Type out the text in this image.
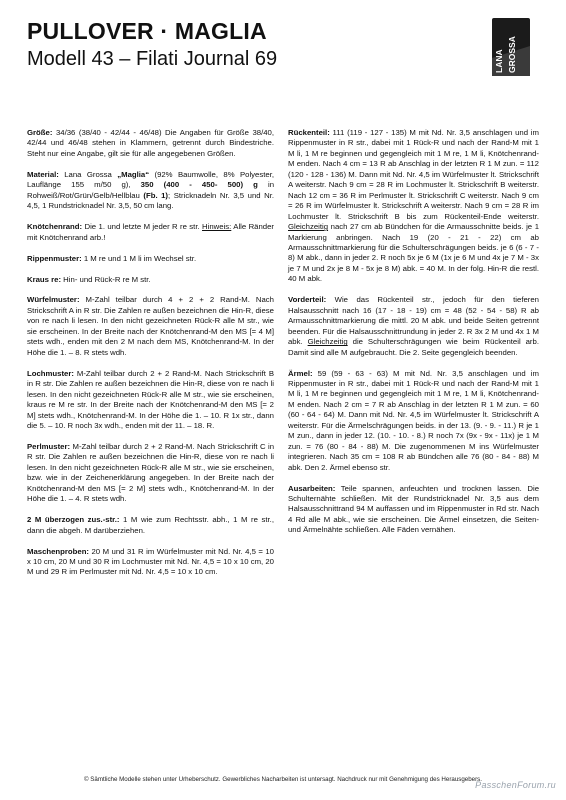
PULLOVER · MAGLIA
Modell 43 – Filati Journal 69	LANA GROSSA

Größe: 34/36 (38/40 - 42/44 - 46/48) Die Angaben für Größe 38/40, 42/44 und 46/48 stehen in Klammern, getrennt durch Bindestriche. Steht nur eine Angabe, gilt sie für alle angegebenen Größen.

Material: Lana Grossa „Maglia“ (92% Baumwolle, 8% Polyester, Lauflänge 155 m/50 g), 350 (400 - 450- 500) g in Rohweiß/Rot/Grün/Gelb/Hellblau (Fb. 1); Stricknadeln Nr. 3,5 und Nr. 4,5, 1 Rundstricknadel Nr. 3,5, 50 cm lang.

Knötchenrand: Die 1. und letzte M jeder R re str. Hinweis: Alle Ränder mit Knötchenrand arb.!

Rippenmuster: 1 M re und 1 M li im Wechsel str.

Kraus re: Hin- und Rück-R re M str.

Würfelmuster: M-Zahl teilbar durch 4 + 2 + 2 Rand-M. Nach Strickschrift A in R str. Die Zahlen re außen bezeichnen die Hin-R, diese von re nach li lesen. In den nicht gezeichneten Rück-R alle M str., wie sie erscheinen. In der Breite nach der Knötchenrand-M den MS [= 4 M] stets wdh., enden mit den 2 M nach dem MS, Knötchenrand-M. In der Höhe die 1. – 8. R stets wdh.

Lochmuster: M-Zahl teilbar durch 2 + 2 Rand-M. Nach Strickschrift B in R str. Die Zahlen re außen bezeichnen die Hin-R, diese von re nach li lesen. In den nicht gezeichneten Rück-R alle M str., wie sie erscheinen, kraus re M re str. In der Breite nach der Knötchenrand-M den MS [= 2 M] stets wdh., Knötchenrand-M. In der Höhe die 1. – 10. R 1x str., dann die 5. – 10. R noch 3x wdh., enden mit der 11. – 18. R.

Perlmuster: M-Zahl teilbar durch 2 + 2 Rand-M. Nach Strickschrift C in R str. Die Zahlen re außen bezeichnen die Hin-R, diese von re nach li lesen. In den nicht gezeichneten Rück-R alle M str., wie sie erscheinen, bzw. wie in der Zeichenerklärung angegeben. In der Breite nach der Knötchenrand-M den MS [= 2 M] stets wdh., Knötchenrand-M. In der Höhe die 1. – 4. R stets wdh.

2 M überzogen zus.-str.: 1 M wie zum Rechtsstr. abh., 1 M re str., dann die abgeh. M darüberziehen.

Maschenproben: 20 M und 31 R im Würfelmuster mit Nd. Nr. 4,5 = 10 x 10 cm, 20 M und 30 R im Lochmuster mit Nd. Nr. 4,5 = 10 x 10 cm, 20 M und 29 R im Perlmuster mit Nd. Nr. 4,5 = 10 x 10 cm.

Rückenteil: 111 (119 - 127 - 135) M mit Nd. Nr. 3,5 anschlagen und im Rippenmuster in R str., dabei mit 1 Rück-R und nach der Rand-M mit 1 M li, 1 M re beginnen und gegengleich mit 1 M re, 1 M li, Knötchenrand-M enden. Nach 4 cm = 13 R ab Anschlag in der letzten R 1 M zun. = 112 (120 - 128 - 136) M. Dann mit Nd. Nr. 4,5 im Würfelmuster lt. Strickschrift A weiterstr. Nach 9 cm = 28 R im Lochmuster lt. Strickschrift B weiterstr. Nach 12 cm = 36 R im Perlmuster lt. Strickschrift C weiterstr. Nach 9 cm = 26 R im Würfelmuster lt. Strickschrift A weiterstr. Nach 9 cm = 28 R im Lochmuster lt. Strickschrift B bis zum Rückenteil-Ende weiterstr. Gleichzeitig nach 27 cm ab Bündchen für die Armausschnitte beids. je 1 Markierung anbringen. Nach 19 (20 - 21 - 22) cm ab Armausschnittmarkierung für die Schulterschrägungen beids. je 6 (6 - 7 - 8) M abk., dann in jeder 2. R noch 5x je 6 M (1x je 6 M und 4x je 7 M - 3x je 7 M und 2x je 8 M - 5x je 8 M) abk. = 40 M. In der folg. Hin-R die restl. 40 M abk.

Vorderteil: Wie das Rückenteil str., jedoch für den tieferen Halsausschnitt nach 16 (17 - 18 - 19) cm = 48 (52 - 54 - 58) R ab Armausschnittmarkierung die mittl. 20 M abk. und beide Seiten getrennt beenden. Für die Halsausschnittrundung in jeder 2. R 3x 2 M und 4x 1 M abk. Gleichzeitig die Schulterschrägungen wie beim Rückenteil arb. Damit sind alle M aufgebraucht. Die 2. Seite gegengleich beenden.

Ärmel: 59 (59 - 63 - 63) M mit Nd. Nr. 3,5 anschlagen und im Rippenmuster in R str., dabei mit 1 Rück-R und nach der Rand-M mit 1 M li, 1 M re beginnen und gegengleich mit 1 M re, 1 M li, Knötchenrand-M enden. Nach 2 cm = 7 R ab Anschlag in der letzten R 1 M zun. = 60 (60 - 64 - 64) M. Dann mit Nd. Nr. 4,5 im Würfelmuster lt. Strickschrift A weiterstr. Für die Ärmelschrägungen beids. in der 13. (9. - 9. - 11.) R je 1 M zun., dann in jeder 12. (10. - 10. - 8.) R noch 7x (9x - 9x - 11x) je 1 M zun. = 76 (80 - 84 - 88) M. Die zugenommenen M ins Würfelmuster integrieren. Nach 35 cm = 108 R ab Bündchen alle 76 (80 - 84 - 88) M abk. Den 2. Ärmel ebenso str.

Ausarbeiten: Teile spannen, anfeuchten und trocknen lassen. Die Schulternähte schließen. Mit der Rundstricknadel Nr. 3,5 aus dem Halsausschnittrand 94 M auffassen und im Rippenmuster in Rd str. Nach 4 Rd alle M abk., wie sie erscheinen. Die Ärmel einsetzen, die Seiten- und Ärmelnähte schließen. Alle Fäden vernähen.

© Sämtliche Modelle stehen unter Urheberschutz. Gewerbliches Nacharbeiten ist untersagt. Nachdruck nur mit Genehmigung des Herausgebers.
PasschenForum.ru
